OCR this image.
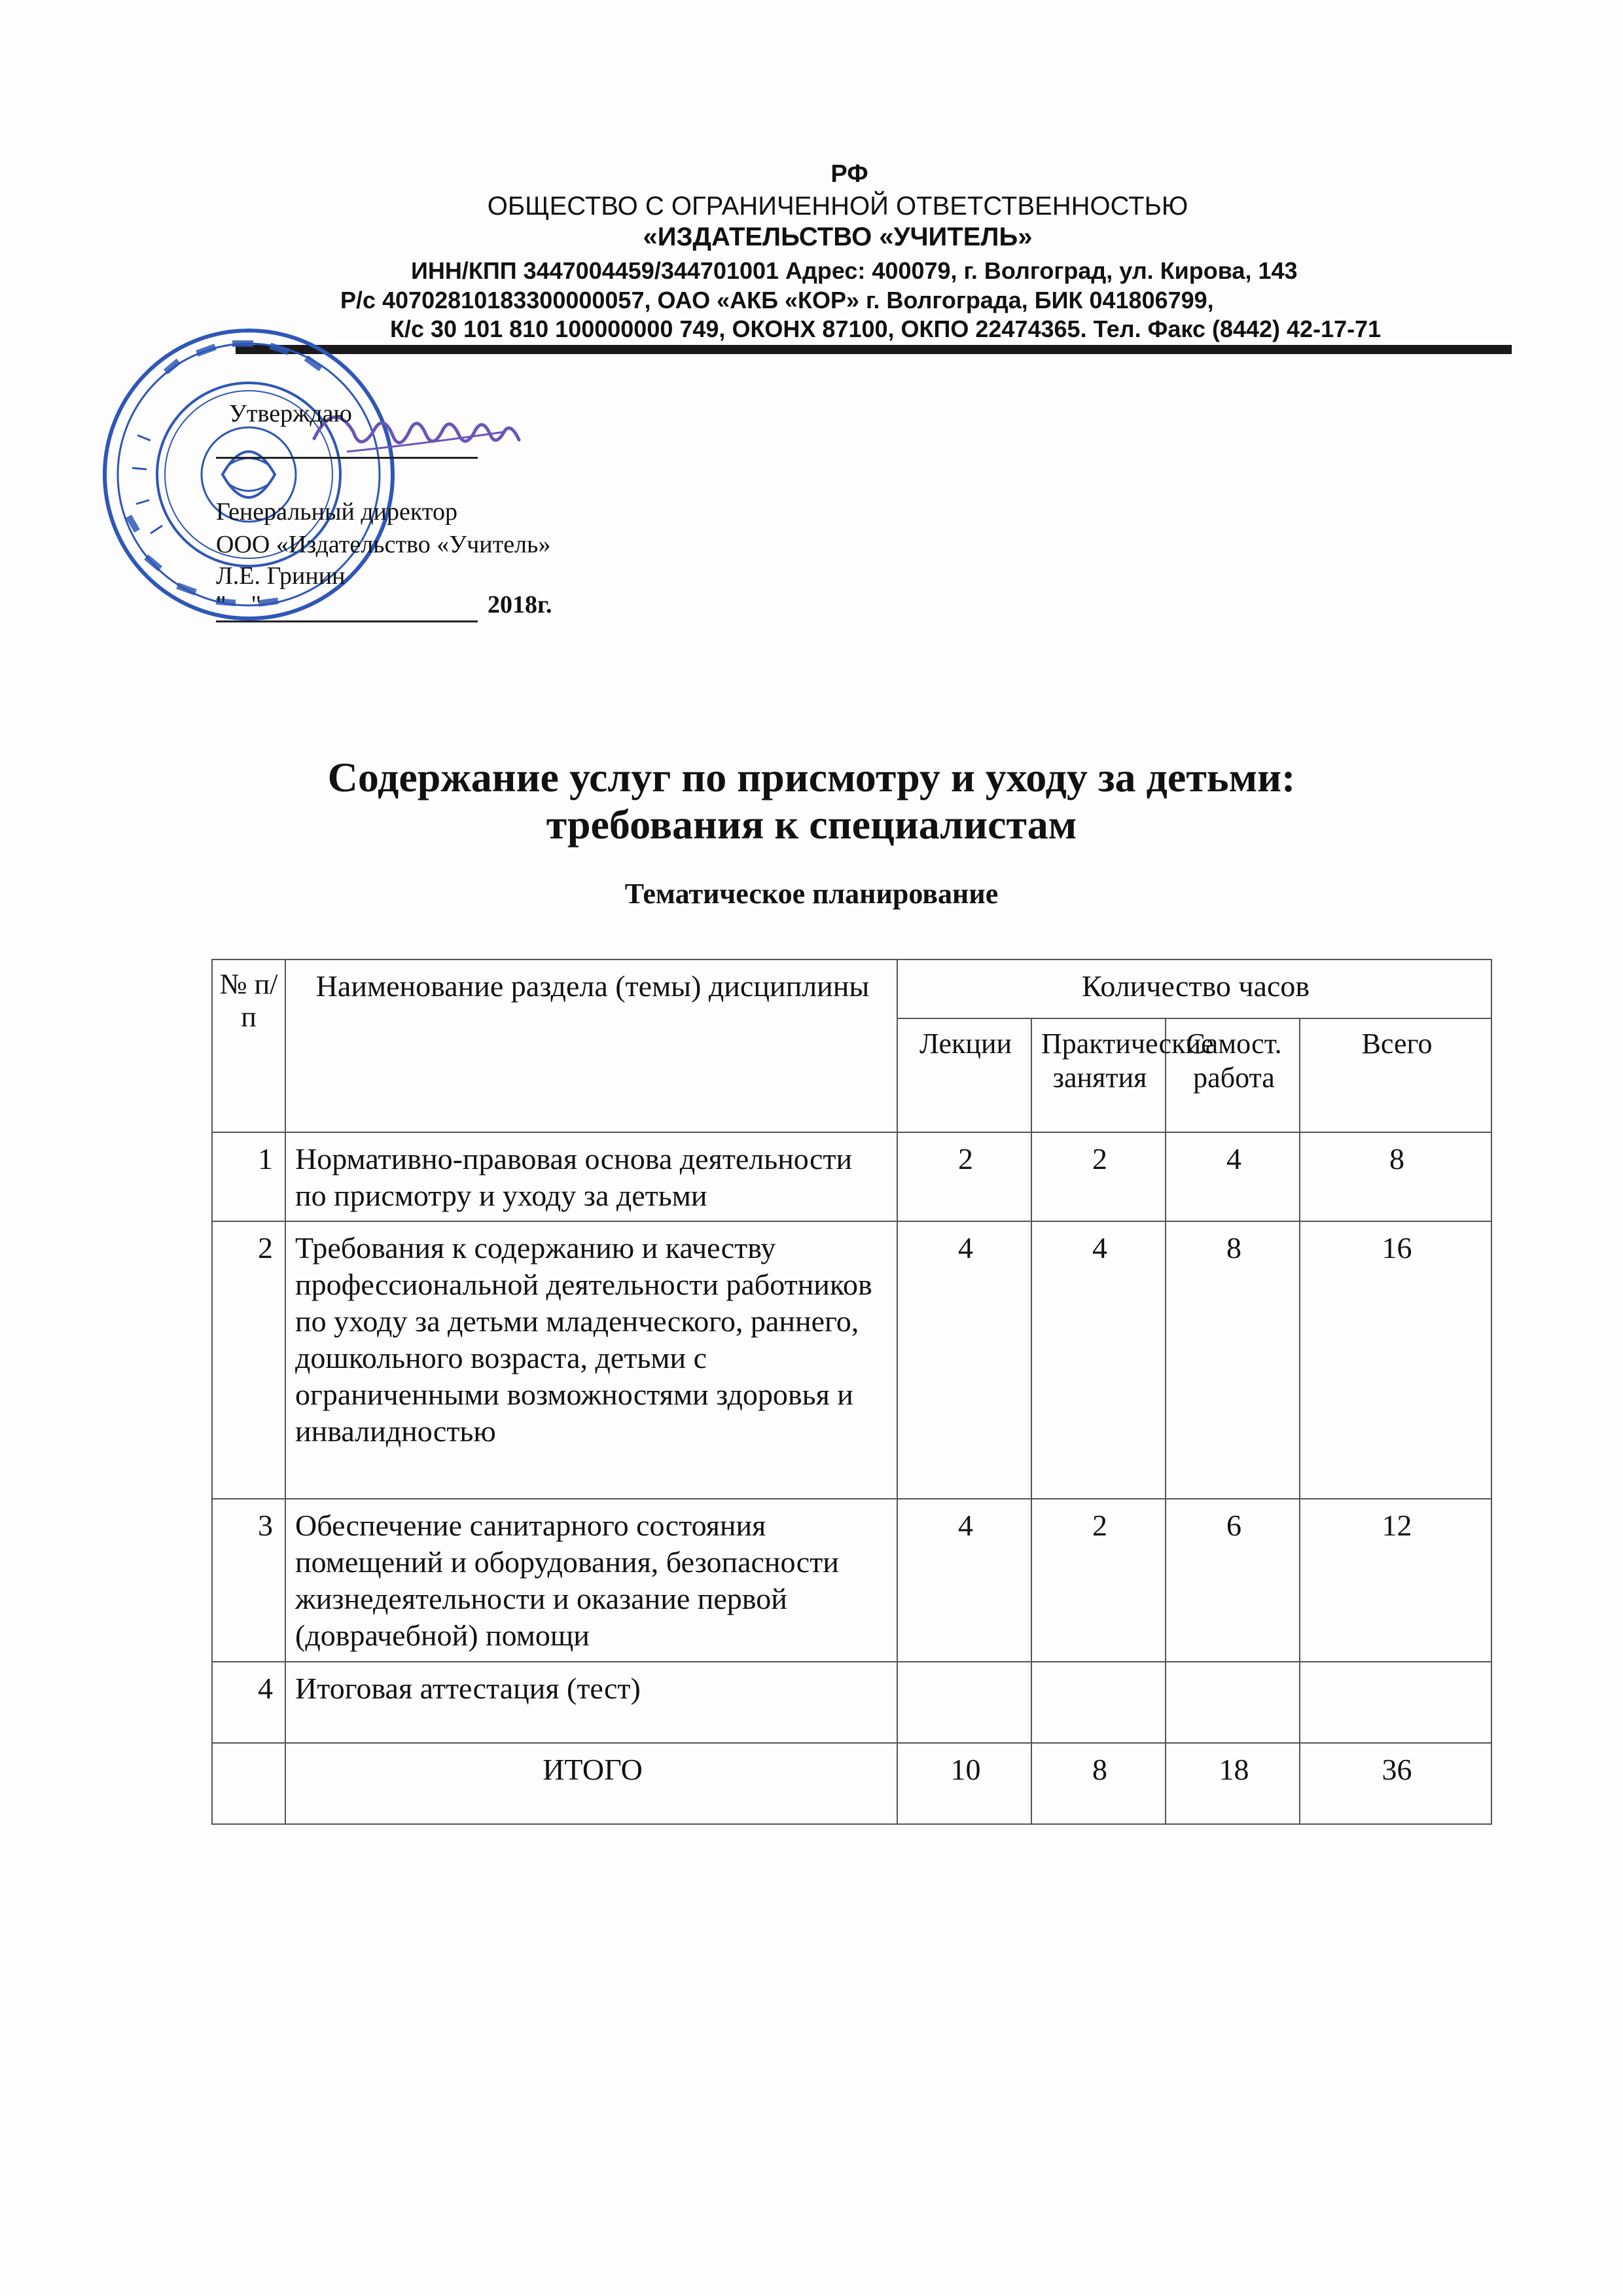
РФ
ОБЩЕСТВО С ОГРАНИЧЕННОЙ ОТВЕТСТВЕННОСТЬЮ
«ИЗДАТЕЛЬСТВО «УЧИТЕЛЬ»
ИНН/КПП 3447004459/344701001 Адрес: 400079, г. Волгоград, ул. Кирова, 143
Р/с 40702810183300000057, ОАО «АКБ «КОР» г. Волгограда, БИК 041806799,
К/с 30 101 810 100000000 749, ОКОНХ 87100, ОКПО 22474365. Тел. Факс (8442) 42-17-71
Утверждаю
Генеральный директор
ООО «Издательство «Учитель»
Л.Е. Гринин
"    "	2018г.
Содержание услуг по присмотру и уходу за детьми:
требования к специалистам
Тематическое планирование
№ п/п	Наименование раздела (темы) дисциплины	Количество часов			
		Лекции	Практические занятия	Самост. работа	Всего
1	Нормативно-правовая основа деятельности по присмотру и уходу за детьми	2	2	4	8
2	Требования к содержанию и качеству профессиональной деятельности работников по уходу за детьми младенческого, раннего, дошкольного возраста, детьми с ограниченными возможностями здоровья и инвалидностью	4	4	8	16
3	Обеспечение санитарного состояния помещений и оборудования, безопасности жизнедеятельности и оказание первой (доврачебной) помощи	4	2	6	12
4	Итоговая аттестация (тест)				
	ИТОГО	10	8	18	36
